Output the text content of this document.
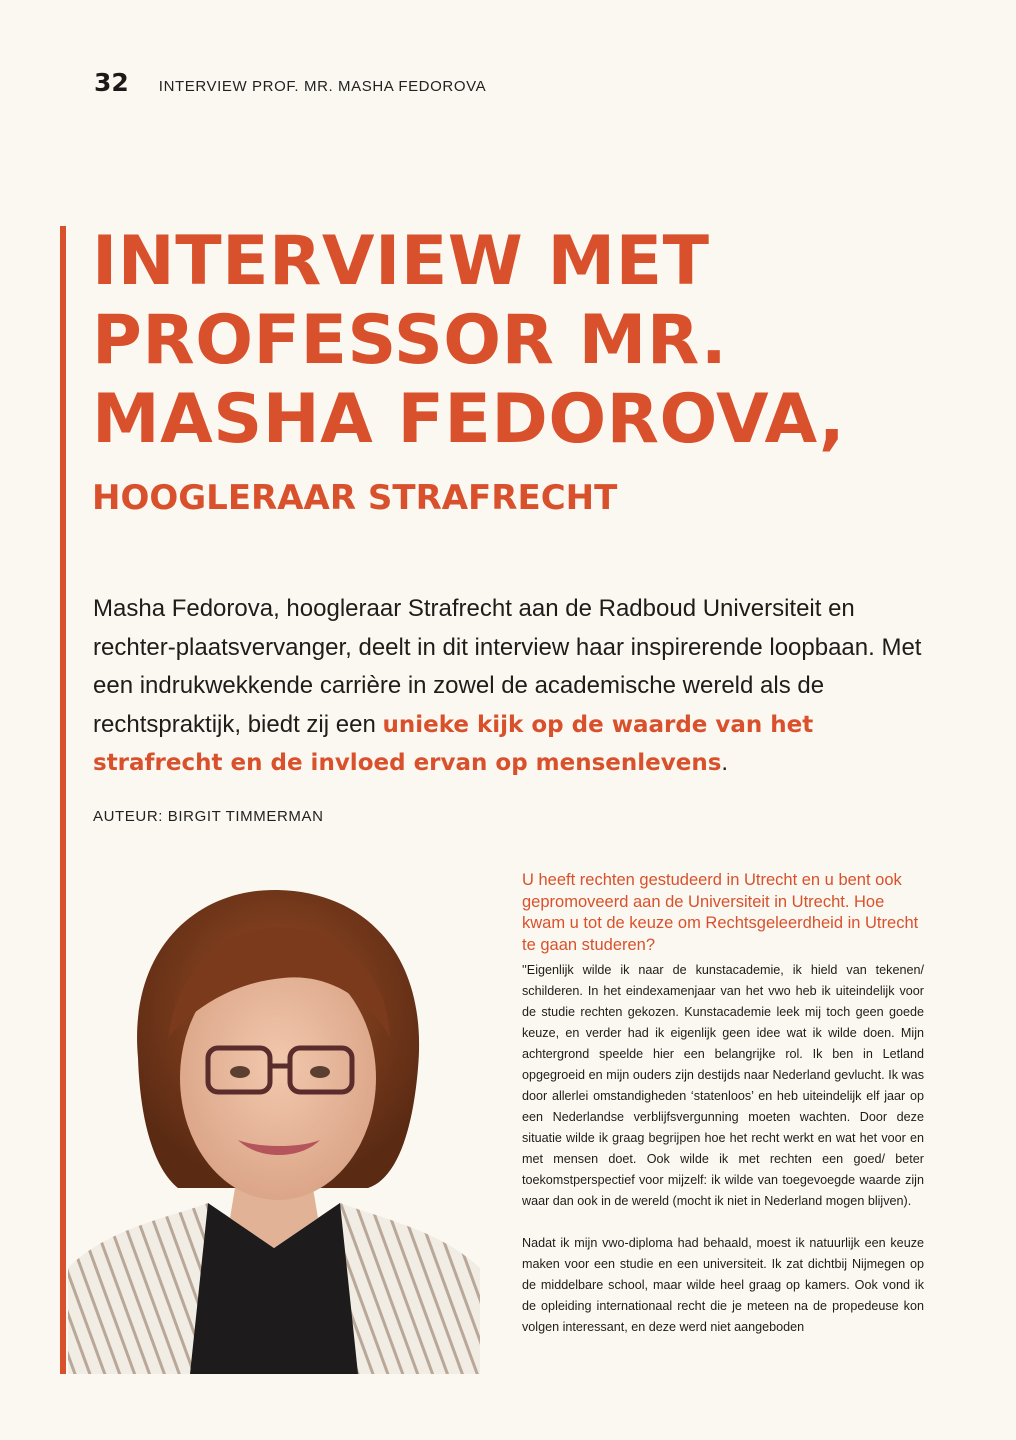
32 INTERVIEW PROF. MR. MASHA FEDOROVA
INTERVIEW MET
PROFESSOR MR.
MASHA FEDOROVA,
HOOGLERAAR STRAFRECHT

Masha Fedorova, hoogleraar Strafrecht aan de Radboud Universiteit en rechter-plaatsvervanger, deelt in dit interview haar inspirerende loopbaan. Met een indrukwekkende carrière in zowel de academische wereld als de rechtspraktijk, biedt zij een unieke kijk op de waarde van het strafrecht en de invloed ervan op mensenlevens.

AUTEUR: BIRGIT TIMMERMAN

U heeft rechten gestudeerd in Utrecht en u bent ook gepromoveerd aan de Universiteit in Utrecht. Hoe kwam u tot de keuze om Rechtsgeleerdheid in Utrecht te gaan studeren?

''Eigenlijk wilde ik naar de kunstacademie, ik hield van tekenen/ schilderen. In het eindexamenjaar van het vwo heb ik uiteindelijk voor de studie rechten gekozen. Kunstacademie leek mij toch geen goede keuze, en verder had ik eigenlijk geen idee wat ik wilde doen. Mijn achtergrond speelde hier een belangrijke rol. Ik ben in Letland opgegroeid en mijn ouders zijn destijds naar Nederland gevlucht. Ik was door allerlei omstandigheden ‘statenloos’ en heb uiteindelijk elf jaar op een Nederlandse verblijfsvergunning moeten wachten. Door deze situatie wilde ik graag begrijpen hoe het recht werkt en wat het voor en met mensen doet. Ook wilde ik met rechten een goed/ beter toekomstperspectief voor mijzelf: ik wilde van toegevoegde waarde zijn waar dan ook in de wereld (mocht ik niet in Nederland mogen blijven).

Nadat ik mijn vwo-diploma had behaald, moest ik natuurlijk een keuze maken voor een studie en een universiteit. Ik zat dichtbij Nijmegen op de middelbare school, maar wilde heel graag op kamers. Ook vond ik de opleiding internationaal recht die je meteen na de propedeuse kon volgen interessant, en deze werd niet aangeboden
